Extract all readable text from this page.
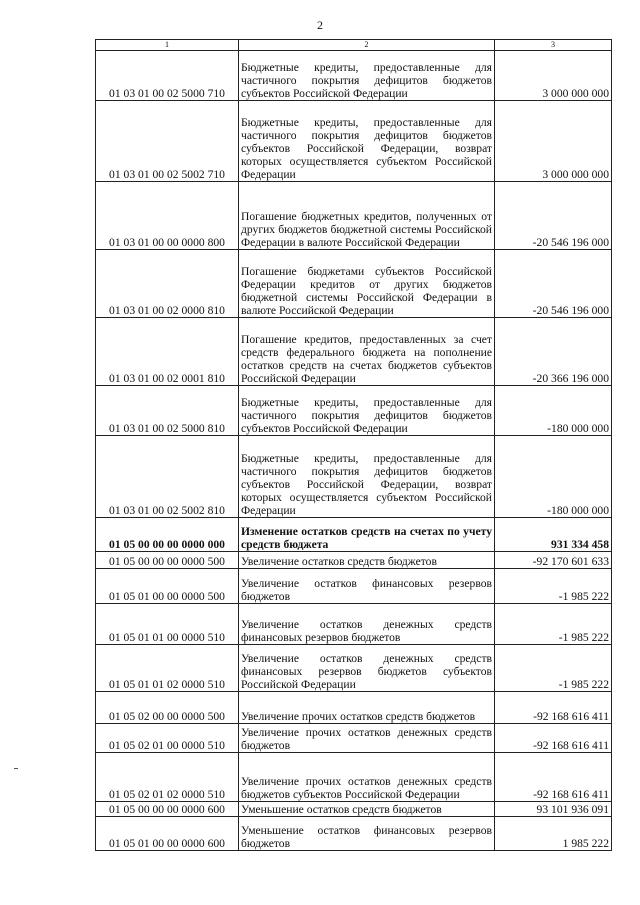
2
1	2	3
01 03 01 00 02 5000 710	Бюджетные кредиты, предоставленные для частичного покрытия дефицитов бюджетов субъектов Российской Федерации	3 000 000 000
01 03 01 00 02 5002 710	Бюджетные кредиты, предоставленные для частичного покрытия дефицитов бюджетов субъектов Российской Федерации, возврат которых осуществляется субъектом Российской Федерации	3 000 000 000
01 03 01 00 00 0000 800	Погашение бюджетных кредитов, полученных от других бюджетов бюджетной системы Российской Федерации в валюте Российской Федерации	-20 546 196 000
01 03 01 00 02 0000 810	Погашение бюджетами субъектов Российской Федерации кредитов от других бюджетов бюджетной системы Российской Федерации в валюте Российской Федерации	-20 546 196 000
01 03 01 00 02 0001 810	Погашение кредитов, предоставленных за счет средств федерального бюджета на пополнение остатков средств на счетах бюджетов субъектов Российской Федерации	-20 366 196 000
01 03 01 00 02 5000 810	Бюджетные кредиты, предоставленные для частичного покрытия дефицитов бюджетов субъектов Российской Федерации	-180 000 000
01 03 01 00 02 5002 810	Бюджетные кредиты, предоставленные для частичного покрытия дефицитов бюджетов субъектов Российской Федерации, возврат которых осуществляется субъектом Российской Федерации	-180 000 000
01 05 00 00 00 0000 000	Изменение остатков средств на счетах по учету средств бюджета	931 334 458
01 05 00 00 00 0000 500	Увеличение остатков средств бюджетов	-92 170 601 633
01 05 01 00 00 0000 500	Увеличение остатков финансовых резервов бюджетов	-1 985 222
01 05 01 01 00 0000 510	Увеличение остатков денежных средств финансовых резервов бюджетов	-1 985 222
01 05 01 01 02 0000 510	Увеличение остатков денежных средств финансовых резервов бюджетов субъектов Российской Федерации	-1 985 222
01 05 02 00 00 0000 500	Увеличение прочих остатков средств бюджетов	-92 168 616 411
01 05 02 01 00 0000 510	Увеличение прочих остатков денежных средств бюджетов	-92 168 616 411
01 05 02 01 02 0000 510	Увеличение прочих остатков денежных средств бюджетов субъектов Российской Федерации	-92 168 616 411
01 05 00 00 00 0000 600	Уменьшение остатков средств бюджетов	93 101 936 091
01 05 01 00 00 0000 600	Уменьшение остатков финансовых резервов бюджетов	1 985 222
